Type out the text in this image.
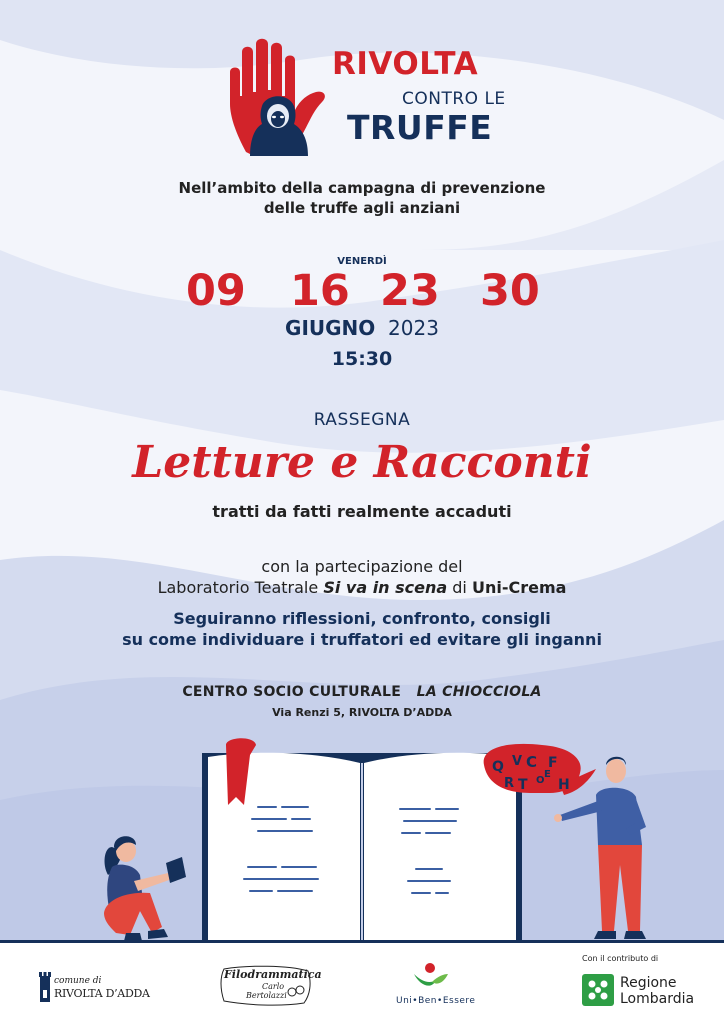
RIVOLTA
CONTRO LE
TRUFFE
Nell’ambito della campagna di prevenzione
delle truffe agli anziani
VENERDÌ
09 16 23 30
GIUGNO 2023
15:30
RASSEGNA
Letture e Racconti
tratti da fatti realmente accaduti
con la partecipazione del
Laboratorio Teatrale Si va in scena di Uni-Crema
Seguiranno riflessioni, confronto, consigli
su come individuare i truffatori ed evitare gli inganni
CENTRO SOCIO CULTURALE LA CHIOCCIOLA
Via Renzi 5, RIVOLTA D’ADDA
Q V C F
R T O
E
H
comune di
RIVOLTA D’ADDA
Filodrammatica
Carlo
Bertolazzi
Uni•Ben•Essere
Con il contributo di
Regione
Lombardia
